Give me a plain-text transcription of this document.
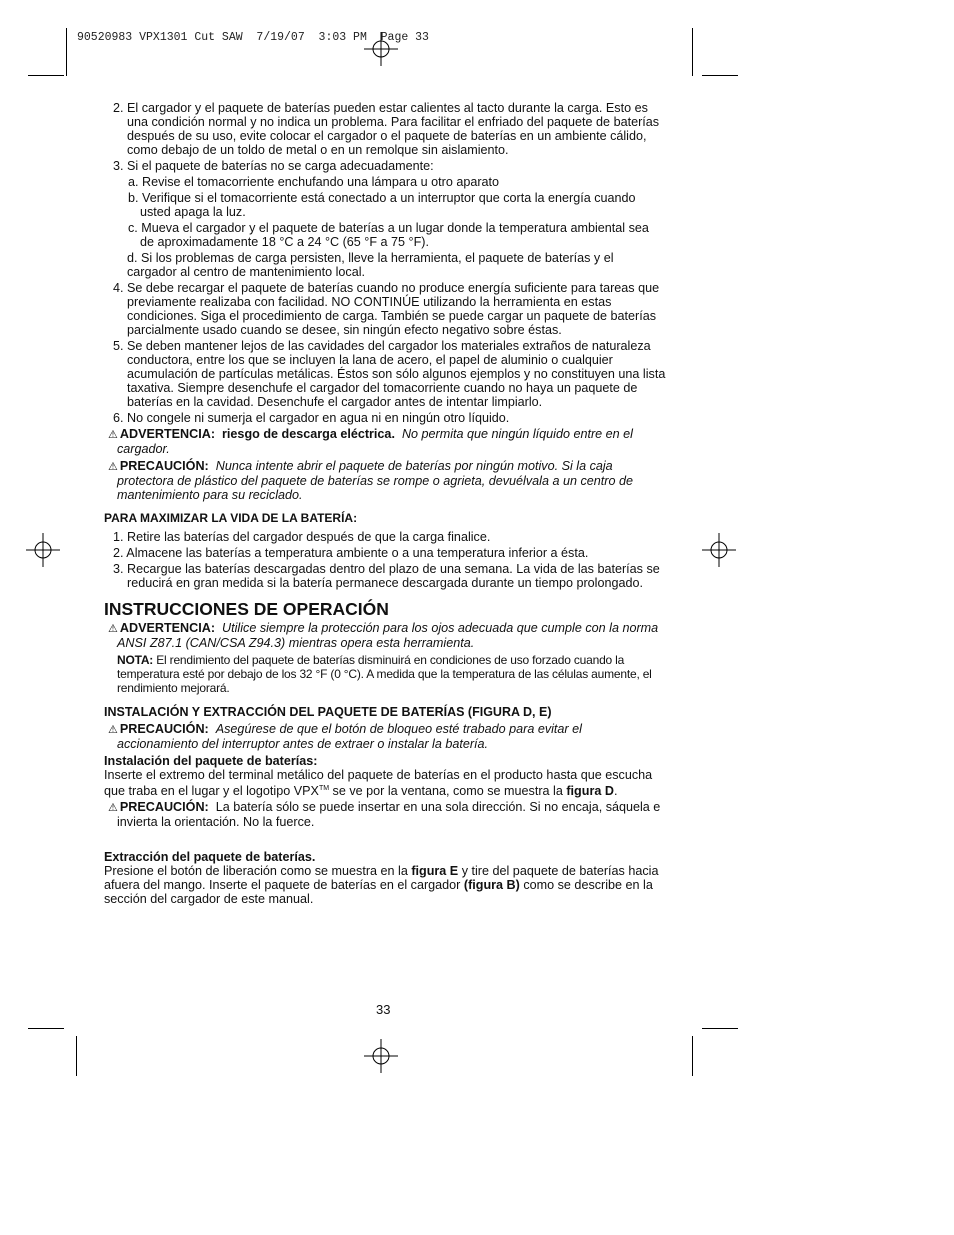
90520983 VPX1301 Cut SAW  7/19/07  3:03 PM  Page 33

2. El cargador y el paquete de baterías pueden estar calientes al tacto durante la carga. Esto es una condición normal y no indica un problema. Para facilitar el enfriado del paquete de baterías después de su uso, evite colocar el cargador o el paquete de baterías en un ambiente cálido, como debajo de un toldo de metal o en un remolque sin aislamiento.

3. Si el paquete de baterías no se carga adecuadamente:

a. Revise el tomacorriente enchufando una lámpara u otro aparato

b. Verifique si el tomacorriente está conectado a un interruptor que corta la energía cuando usted apaga la luz.

c. Mueva el cargador y el paquete de baterías a un lugar donde la temperatura ambiental sea de aproximadamente 18 °C a 24 °C (65 °F a 75 °F).

d. Si los problemas de carga persisten, lleve la herramienta, el paquete de baterías y el cargador al centro de mantenimiento local.

4. Se debe recargar el paquete de baterías cuando no produce energía suficiente para tareas que previamente realizaba con facilidad. NO CONTINÚE utilizando la herramienta en estas condiciones. Siga el procedimiento de carga. También se puede cargar un paquete de baterías parcialmente usado cuando se desee, sin ningún efecto negativo sobre éstas.

5. Se deben mantener lejos de las cavidades del cargador los materiales extraños de naturaleza conductora, entre los que se incluyen la lana de acero, el papel de aluminio o cualquier acumulación de partículas metálicas. Éstos son sólo algunos ejemplos y no constituyen una lista taxativa. Siempre desenchufe el cargador del tomacorriente cuando no haya un paquete de baterías en la cavidad. Desenchufe el cargador antes de intentar limpiarlo.

6. No congele ni sumerja el cargador en agua ni en ningún otro líquido.

⚠ ADVERTENCIA: riesgo de descarga eléctrica. No permita que ningún líquido entre en el cargador.

⚠ PRECAUCIÓN: Nunca intente abrir el paquete de baterías por ningún motivo. Si la caja protectora de plástico del paquete de baterías se rompe o agrieta, devuélvala a un centro de mantenimiento para su reciclado.

PARA MAXIMIZAR LA VIDA DE LA BATERÍA:

1. Retire las baterías del cargador después de que la carga finalice.

2. Almacene las baterías a temperatura ambiente o a una temperatura inferior a ésta.

3. Recargue las baterías descargadas dentro del plazo de una semana. La vida de las baterías se reducirá en gran medida si la batería permanece descargada durante un tiempo prolongado.

INSTRUCCIONES DE OPERACIÓN

⚠ ADVERTENCIA: Utilice siempre la protección para los ojos adecuada que cumple con la norma ANSI Z87.1 (CAN/CSA Z94.3) mientras opera esta herramienta.

NOTA: El rendimiento del paquete de baterías disminuirá en condiciones de uso forzado cuando la temperatura esté por debajo de los 32 °F (0 °C). A medida que la temperatura de las células aumente, el rendimiento mejorará.

INSTALACIÓN Y EXTRACCIÓN DEL PAQUETE DE BATERÍAS (FIGURA D, E)

⚠ PRECAUCIÓN: Asegúrese de que el botón de bloqueo esté trabado para evitar el accionamiento del interruptor antes de extraer o instalar la batería.

Instalación del paquete de baterías:

Inserte el extremo del terminal metálico del paquete de baterías en el producto hasta que escucha que traba en el lugar y el logotipo VPX™ se ve por la ventana, como se muestra la figura D.

⚠ PRECAUCIÓN: La batería sólo se puede insertar en una sola dirección. Si no encaja, sáquela e invierta la orientación. No la fuerce.

Extracción del paquete de baterías.

Presione el botón de liberación como se muestra en la figura E y tire del paquete de baterías hacia afuera del mango. Inserte el paquete de baterías en el cargador (figura B) como se describe en la sección del cargador de este manual.

33
